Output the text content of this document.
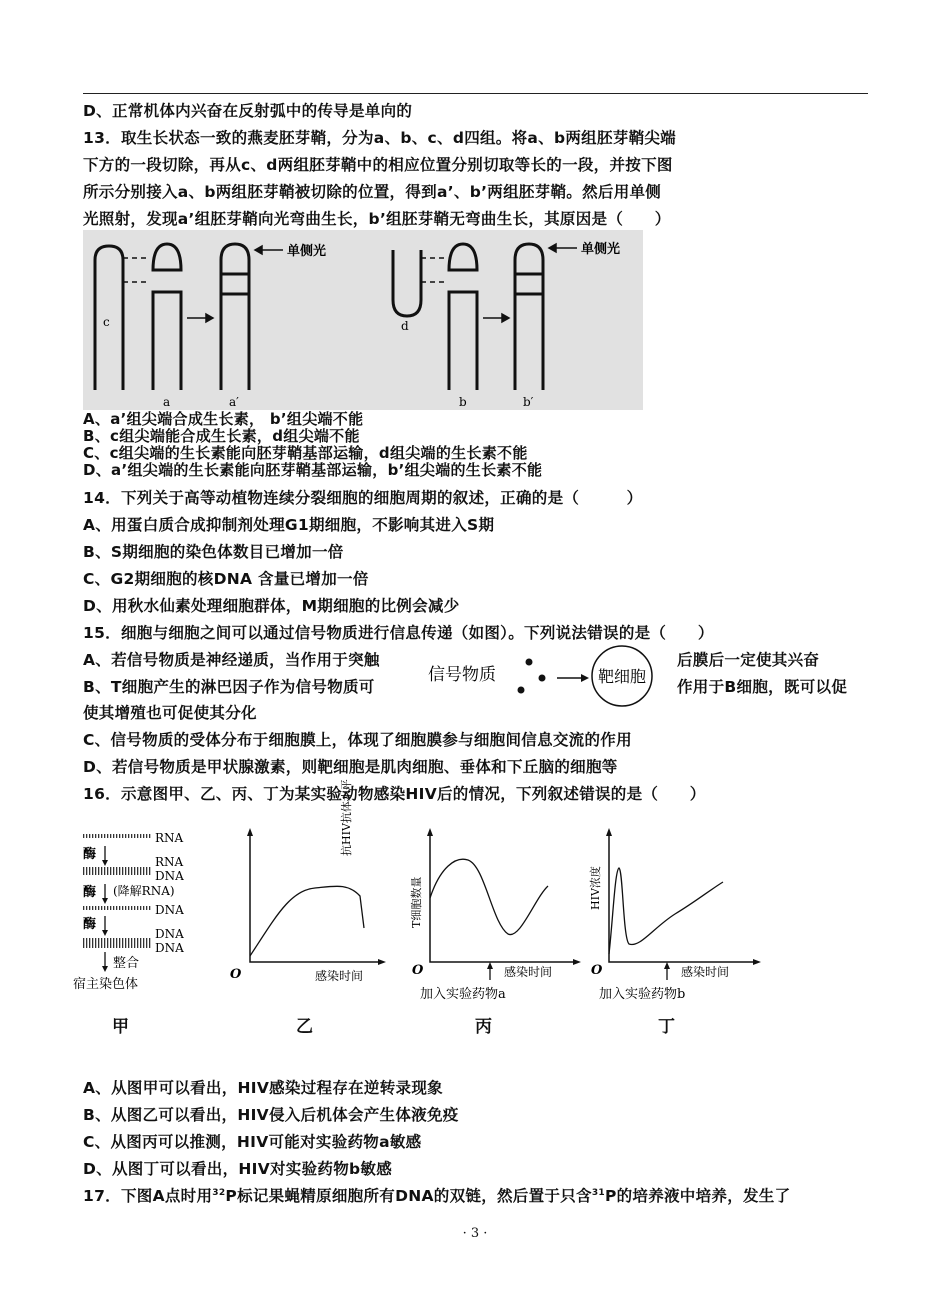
D、正常机体内兴奋在反射弧中的传导是单向的
13．取生长状态一致的燕麦胚芽鞘，分为a、b、c、d四组。将a、b两组胚芽鞘尖端
下方的一段切除，再从c、d两组胚芽鞘中的相应位置分别切取等长的一段，并按下图
所示分别接入a、b两组胚芽鞘被切除的位置，得到a’、b’两组胚芽鞘。然后用单侧
光照射，发现a’组胚芽鞘向光弯曲生长，b’组胚芽鞘无弯曲生长，其原因是（　　）
单侧光	单侧光
c
a	a′
d
b	b′
A、a’组尖端合成生长素， b’组尖端不能
B、c组尖端能合成生长素，d组尖端不能
C、c组尖端的生长素能向胚芽鞘基部运输，d组尖端的生长素不能
D、a’组尖端的生长素能向胚芽鞘基部运输，b’组尖端的生长素不能
14．下列关于高等动植物连续分裂细胞的细胞周期的叙述，正确的是（　　　）
A、用蛋白质合成抑制剂处理G1期细胞，不影响其进入S期
B、S期细胞的染色体数目已增加一倍
C、G2期细胞的核DNA 含量已增加一倍
D、用秋水仙素处理细胞群体，M期细胞的比例会减少
15．细胞与细胞之间可以通过信号物质进行信息传递（如图）。下列说法错误的是（　　）
A、若信号物质是神经递质，当作用于突触	后膜后一定使其兴奋
B、T细胞产生的淋巴因子作为信号物质可	作用于B细胞，既可以促
使其增殖也可促使其分化
信号物质	靶细胞
C、信号物质的受体分布于细胞膜上，体现了细胞膜参与细胞间信息交流的作用
D、若信号物质是甲状腺激素，则靶细胞是肌肉细胞、垂体和下丘脑的细胞等
16．示意图甲、乙、丙、丁为某实验动物感染HIV后的情况，下列叙述错误的是（　　）
RNA
酶	RNA
DNA
酶 (降解RNA)
DNA
酶
DNA
DNA
整合
宿主染色体
抗HIV抗体水平
O	感染时间
T细胞数量
O	感染时间
加入实验药物a
HIV浓度
O	感染时间
加入实验药物b
甲	乙	丙	丁
A、从图甲可以看出，HIV感染过程存在逆转录现象
B、从图乙可以看出，HIV侵入后机体会产生体液免疫
C、从图丙可以推测，HIV可能对实验药物a敏感
D、从图丁可以看出，HIV对实验药物b敏感
17．下图A点时用$^{32}$P标记果蝇精原细胞所有DNA的双链，然后置于只含$^{31}$P的培养液中培养，发生了
· 3 ·
